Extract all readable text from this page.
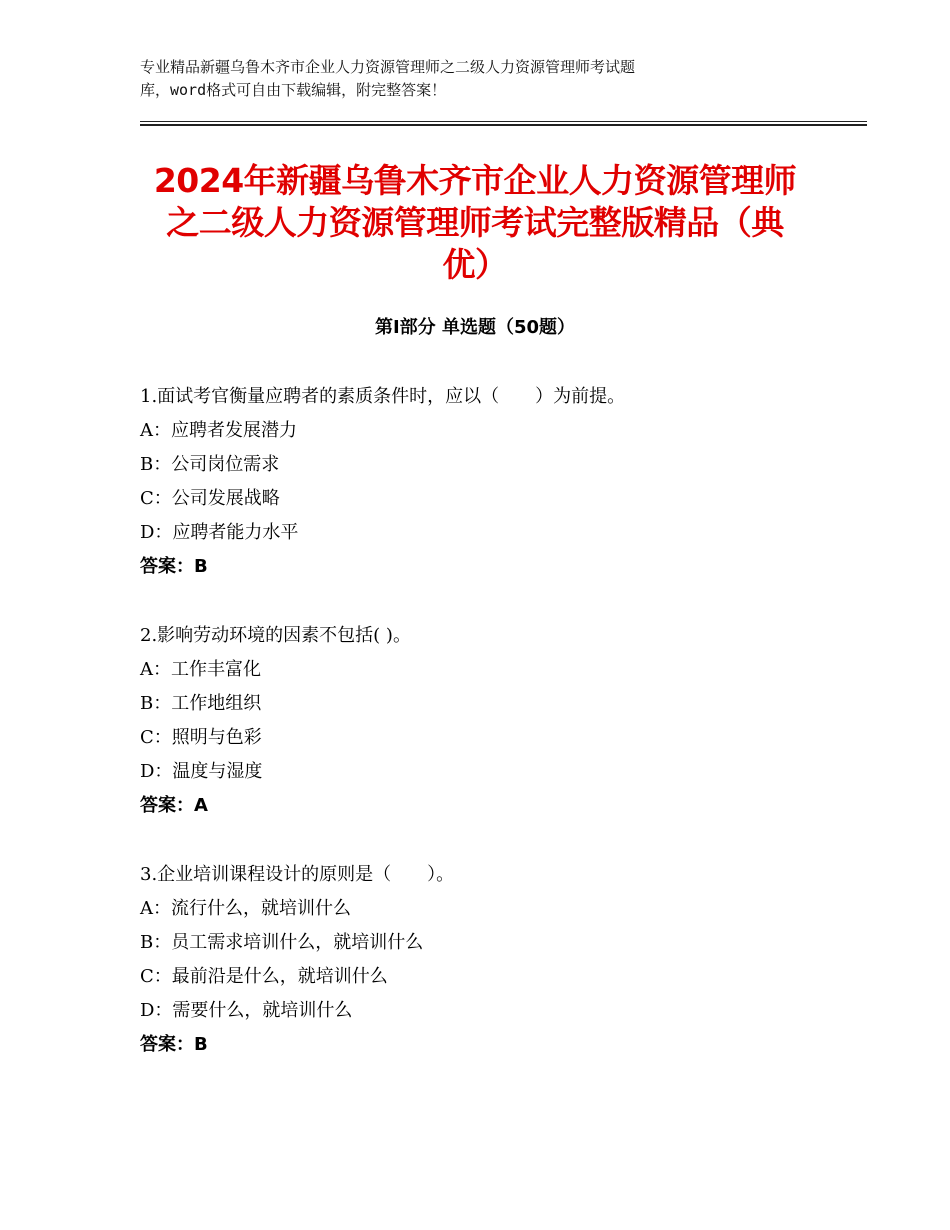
专业精品新疆乌鲁木齐市企业人力资源管理师之二级人力资源管理师考试题
库，word格式可自由下载编辑，附完整答案！
2024年新疆乌鲁木齐市企业人力资源管理师
之二级人力资源管理师考试完整版精品（典
优）
第Ⅰ部分 单选题（50题）
1.面试考官衡量应聘者的素质条件时，应以（　　）为前提。
A：应聘者发展潜力
B：公司岗位需求
C：公司发展战略
D：应聘者能力水平
答案：B
2.影响劳动环境的因素不包括( )。
A：工作丰富化
B：工作地组织
C：照明与色彩
D：温度与湿度
答案：A
3.企业培训课程设计的原则是（　　）。
A：流行什么，就培训什么
B：员工需求培训什么，就培训什么
C：最前沿是什么，就培训什么
D：需要什么，就培训什么
答案：B
